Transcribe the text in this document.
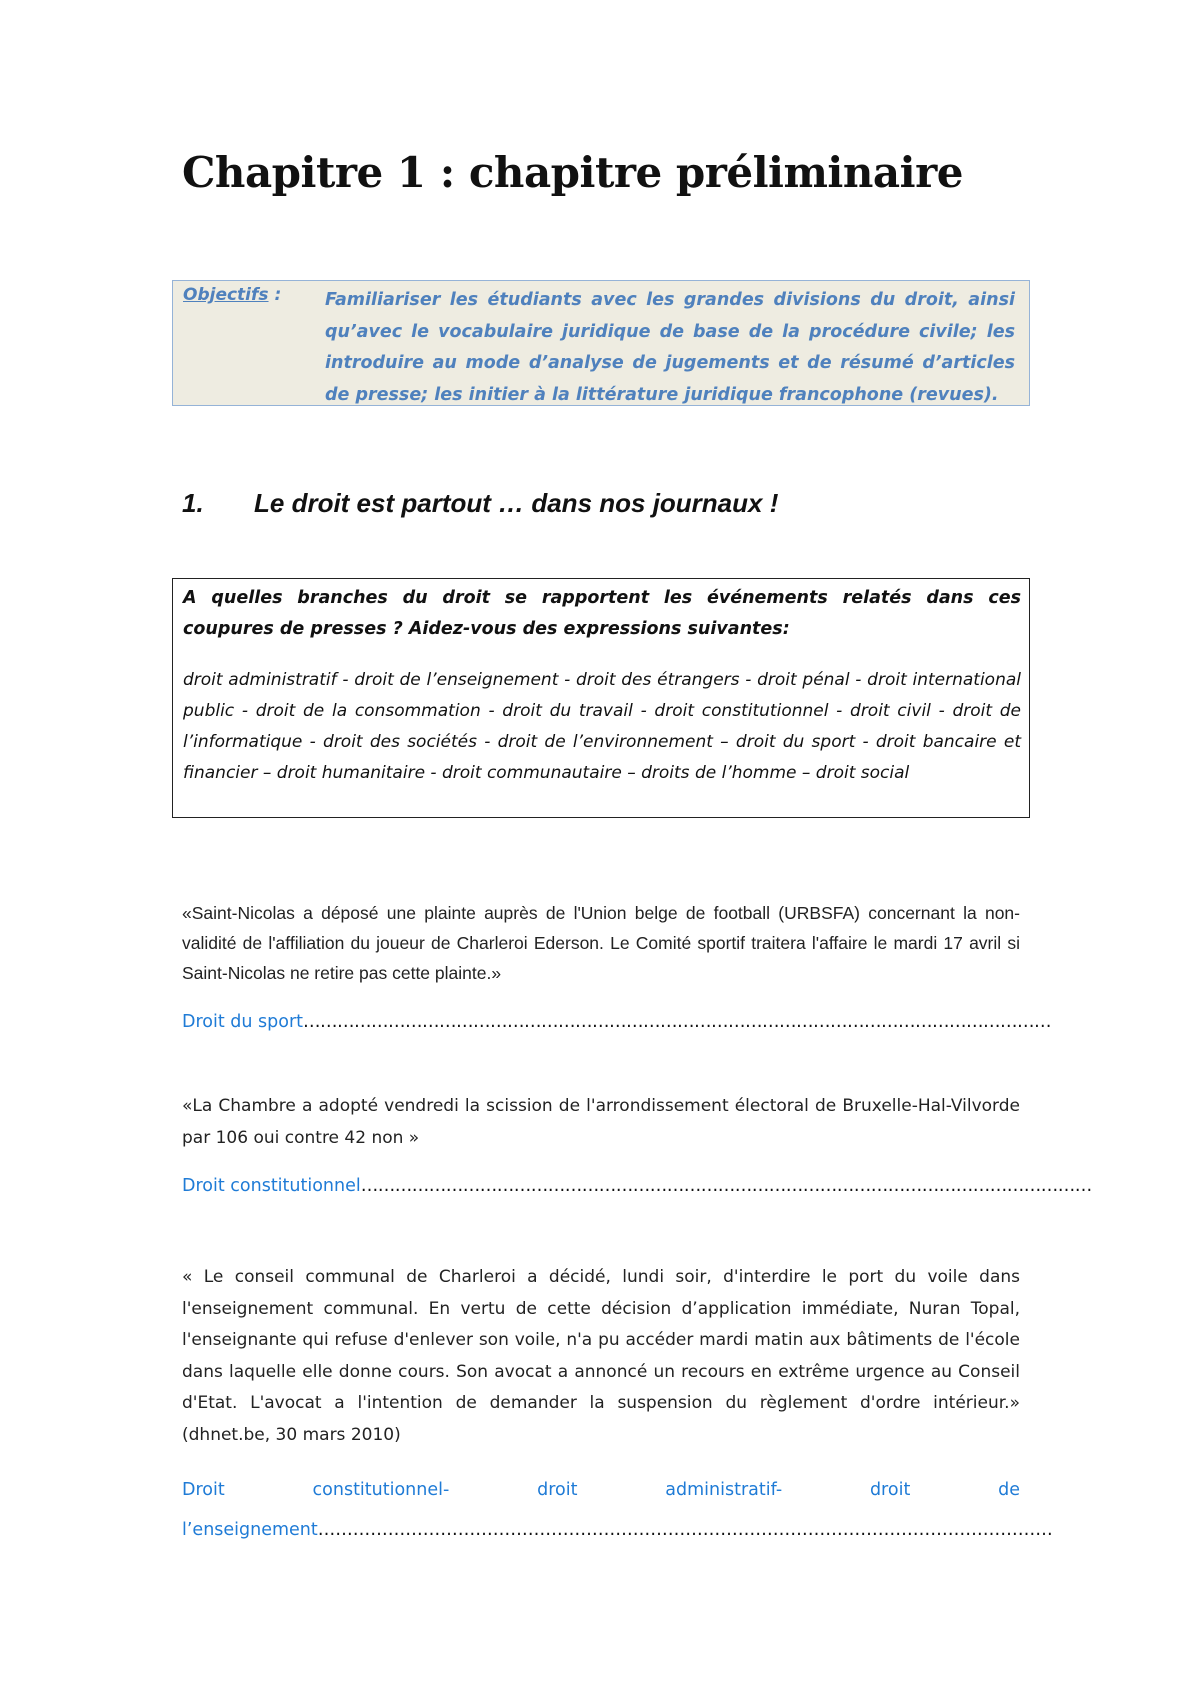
Chapitre 1 : chapitre préliminaire
Objectifs :	Familiariser les étudiants avec les grandes divisions du droit, ainsi qu’avec le vocabulaire juridique de base de la procédure civile; les introduire au mode d’analyse de jugements et de résumé d’articles de presse; les initier à la littérature juridique francophone (revues).
1. Le droit est partout … dans nos journaux !
A quelles branches du droit se rapportent les événements relatés dans ces coupures de presses ? Aidez-vous des expressions suivantes:
droit administratif - droit de l’enseignement - droit des étrangers - droit pénal - droit international public - droit de la consommation - droit du travail - droit constitutionnel - droit civil - droit de l’informatique - droit des sociétés - droit de l’environnement – droit du sport - droit bancaire et financier – droit humanitaire - droit communautaire – droits de l’homme – droit social
«Saint-Nicolas a déposé une plainte auprès de l'Union belge de football (URBSFA) concernant la non-validité de l'affiliation du joueur de Charleroi Ederson. Le Comité sportif traitera l'affaire le mardi 17 avril si Saint-Nicolas ne retire pas cette plainte.»
Droit du sport……………………………………………………………………………………………………………………
«La Chambre a adopté vendredi la scission de l'arrondissement électoral de Bruxelle-Hal-Vilvorde par 106 oui contre 42 non »
Droit constitutionnel…………………………………………………………………………………………………………………
« Le conseil communal de Charleroi a décidé, lundi soir, d'interdire le port du voile dans l'enseignement communal. En vertu de cette décision d’application immédiate, Nuran Topal, l'enseignante qui refuse d'enlever son voile, n'a pu accéder mardi matin aux bâtiments de l'école dans laquelle elle donne cours. Son avocat a annoncé un recours en extrême urgence au Conseil d'Etat. L'avocat a l'intention de demander la suspension du règlement d'ordre intérieur.» (dhnet.be, 30 mars 2010)
Droit	constitutionnel-	droit	administratif-	droit	de
l’enseignement………………………………………………………………………………………………………………
